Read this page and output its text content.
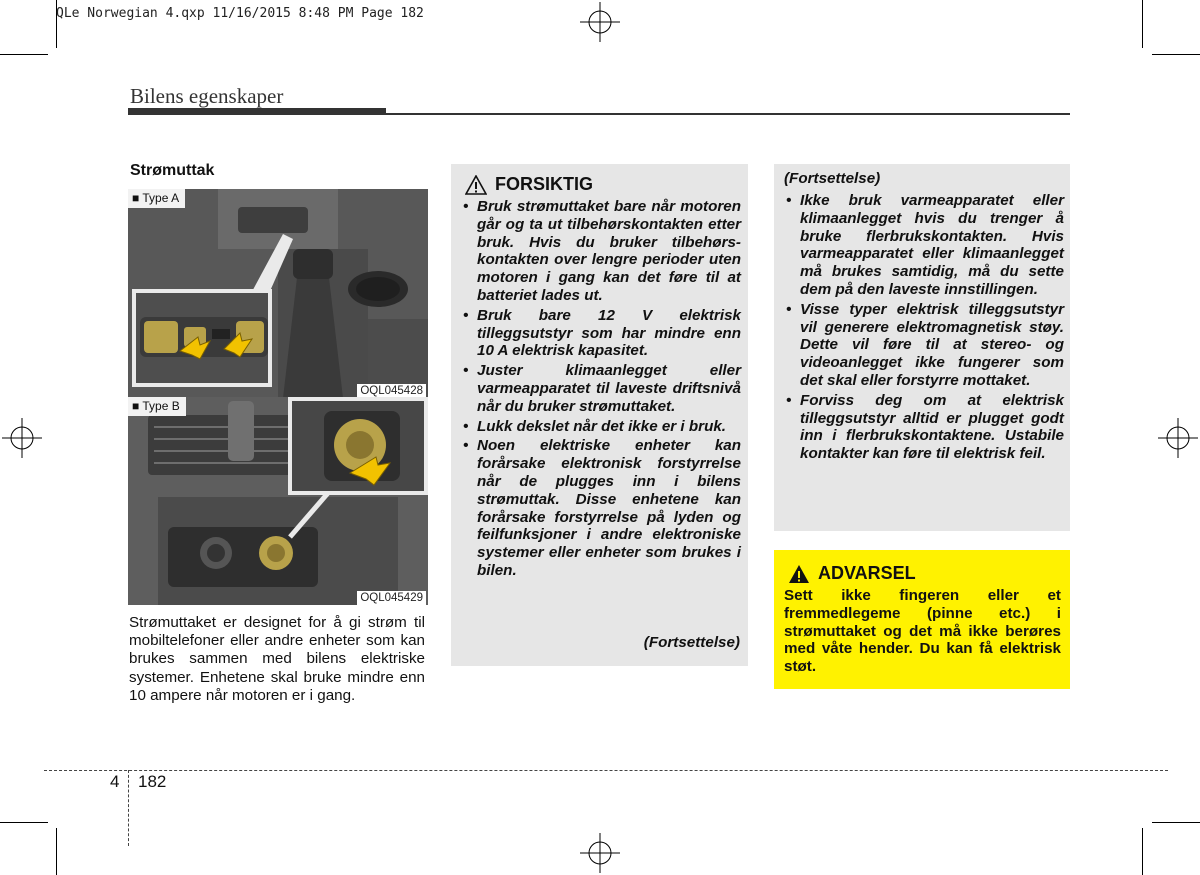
QLe Norwegian 4.qxp 11/16/2015 8:48 PM Page 182
Bilens egenskaper
Strømuttak
■ Type A
OQL045428
■ Type B
OQL045429
Strømuttaket er designet for å gi strøm til mobiltelefoner eller andre enheter som kan brukes sammen med bilens elektriske systemer. Enhetene skal bruke mindre enn 10 ampere når motoren er i gang.
FORSIKTIG
• Bruk strømuttaket bare når motoren går og ta ut tilbehørskontakten etter bruk. Hvis du bruker tilbehørs-kontakten over lengre perioder uten motoren i gang kan det føre til at batteriet lades ut.
• Bruk bare 12 V elektrisk tilleggsutstyr som har mindre enn 10 A elektrisk kapasitet.
• Juster klimaanlegget eller varmeapparatet til laveste driftsnivå når du bruker strømuttaket.
• Lukk dekslet når det ikke er i bruk.
• Noen elektriske enheter kan forårsake elektronisk forstyrrelse når de plugges inn i bilens strømuttak. Disse enhetene kan forårsake forstyrrelse på lyden og feilfunksjoner i andre elektroniske systemer eller enheter som brukes i bilen.
(Fortsettelse)
(Fortsettelse)
• Ikke bruk varmeapparatet eller klimaanlegget hvis du trenger å bruke flerbrukskontakten. Hvis varmeapparatet eller klimaanlegget må brukes samtidig, må du sette dem på den laveste innstillingen.
• Visse typer elektrisk tilleggsutstyr vil generere elektromagnetisk støy. Dette vil føre til at stereo- og videoanlegget ikke fungerer som det skal eller forstyrre mottaket.
• Forviss deg om at elektrisk tilleggsutstyr alltid er plugget godt inn i flerbrukskontaktene. Ustabile kontakter kan føre til elektrisk feil.
ADVARSEL
Sett ikke fingeren eller et fremmedlegeme (pinne etc.) i strømuttaket og det må ikke berøres med våte hender. Du kan få elektrisk støt.
4 182
